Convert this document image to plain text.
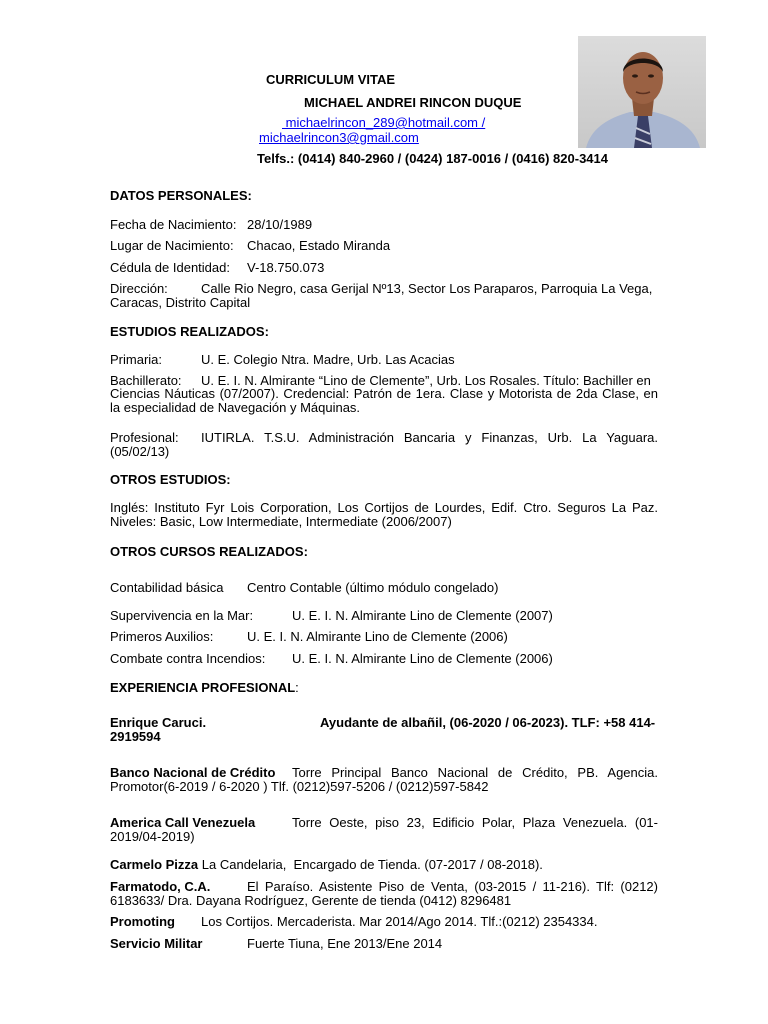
CURRICULUM VITAE
MICHAEL ANDREI RINCON DUQUE
michaelrincon_289@hotmail.com /
michaelrincon3@gmail.com
Telfs.: (0414) 840-2960 / (0424) 187-0016 / (0416) 820-3414
DATOS PERSONALES:
Fecha de Nacimiento: 28/10/1989
Lugar de Nacimiento: Chacao, Estado Miranda
Cédula de Identidad: V-18.750.073
Dirección:	Calle Rio Negro, casa Gerijal Nº13, Sector Los Paraparos, Parroquia La Vega,
Caracas, Distrito Capital
ESTUDIOS REALIZADOS:
Primaria:	U. E. Colegio Ntra. Madre, Urb. Las Acacias
Bachillerato: U. E. I. N. Almirante “Lino de Clemente”, Urb. Los Rosales. Título: Bachiller en
Ciencias Náuticas (07/2007). Credencial: Patrón de 1era. Clase y Motorista de 2da Clase, en la especialidad de Navegación y Máquinas.
Profesional: IUTIRLA. T.S.U. Administración Bancaria y Finanzas, Urb. La Yaguara.
(05/02/13)
OTROS ESTUDIOS:
Inglés: Instituto Fyr Lois Corporation, Los Cortijos de Lourdes, Edif. Ctro. Seguros La Paz. Niveles: Basic, Low Intermediate, Intermediate (2006/2007)
OTROS CURSOS REALIZADOS:
Contabilidad básica Centro Contable (último módulo congelado)
Supervivencia en la Mar:	U. E. I. N. Almirante Lino de Clemente (2007)
Primeros Auxilios:	U. E. I. N. Almirante Lino de Clemente (2006)
Combate contra Incendios: U. E. I. N. Almirante Lino de Clemente (2006)
EXPERIENCIA PROFESIONAL:
Enrique Caruci.	Ayudante de albañil, (06-2020 / 06-2023). TLF: +58 414-
2919594
Banco Nacional de Crédito Torre Principal Banco Nacional de Crédito, PB. Agencia.
Promotor(6-2019 / 6-2020 ) Tlf. (0212)597-5206 / (0212)597-5842
America Call Venezuela	Torre Oeste, piso 23, Edificio Polar, Plaza Venezuela. (01-
2019/04-2019)
Carmelo Pizza La Candelaria,  Encargado de Tienda. (07-2017 / 08-2018).
Farmatodo, C.A.	El Paraíso. Asistente Piso de Venta, (03-2015 / 11-216). Tlf: (0212)
6183633/ Dra. Dayana Rodríguez, Gerente de tienda (0412) 8296481
Promoting Los Cortijos. Mercaderista. Mar 2014/Ago 2014. Tlf.:(0212) 2354334.
Servicio Militar	Fuerte Tiuna, Ene 2013/Ene 2014
